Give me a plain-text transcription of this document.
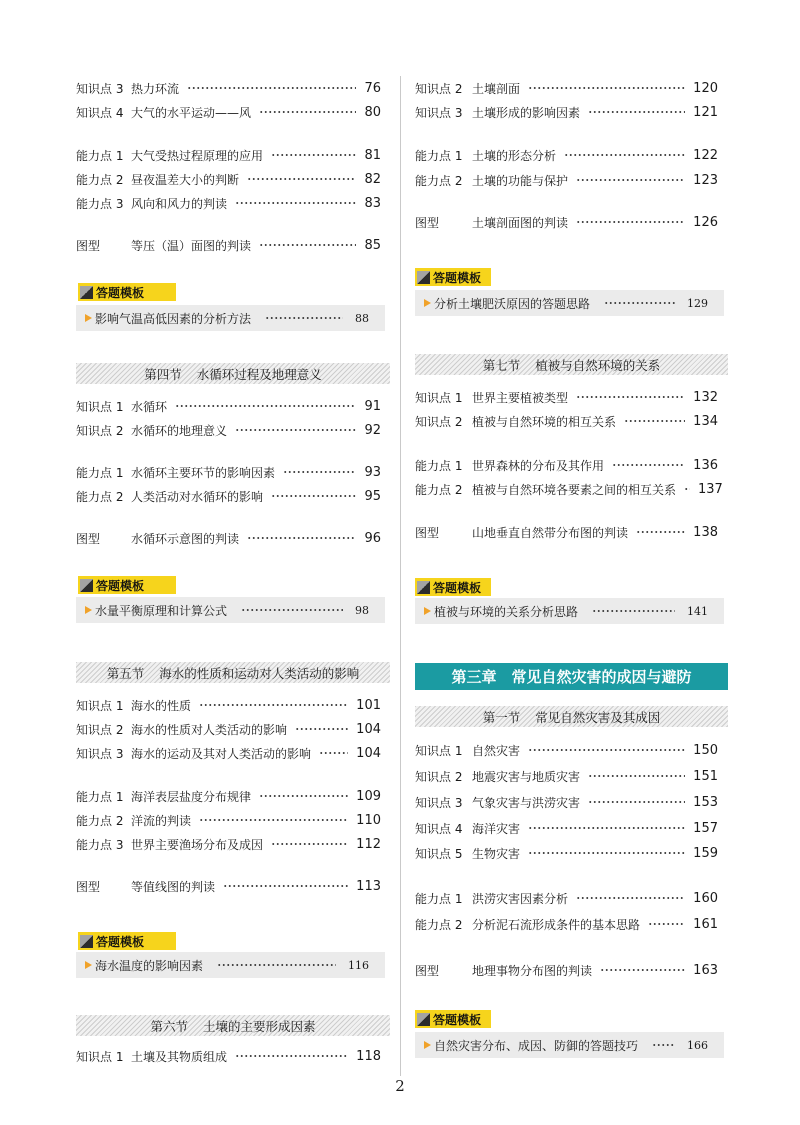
知识点 3 热力环流	76
知识点 4 大气的水平运动——风	80
能力点 1 大气受热过程原理的应用	81
能力点 2 昼夜温差大小的判断	82
能力点 3 风向和风力的判读	83
图型	等压（温）面图的判读	85
答题模板
影响气温高低因素的分析方法	88
第四节 水循环过程及地理意义
知识点 1 水循环	91
知识点 2 水循环的地理意义	92
能力点 1 水循环主要环节的影响因素	93
能力点 2 人类活动对水循环的影响	95
图型	水循环示意图的判读	96
答题模板
水量平衡原理和计算公式	98
第五节 海水的性质和运动对人类活动的影响
知识点 1 海水的性质	101
知识点 2 海水的性质对人类活动的影响	104
知识点 3 海水的运动及其对人类活动的影响	104
能力点 1 海洋表层盐度分布规律	109
能力点 2 洋流的判读	110
能力点 3 世界主要渔场分布及成因	112
图型	等值线图的判读	113
答题模板
海水温度的影响因素	116
第六节 土壤的主要形成因素
知识点 1 土壤及其物质组成	118
知识点 2 土壤剖面	120
知识点 3 土壤形成的影响因素	121
能力点 1 土壤的形态分析	122
能力点 2 土壤的功能与保护	123
图型	土壤剖面图的判读	126
答题模板
分析土壤肥沃原因的答题思路	129
第七节 植被与自然环境的关系
知识点 1 世界主要植被类型	132
知识点 2 植被与自然环境的相互关系	134
能力点 1 世界森林的分布及其作用	136
能力点 2 植被与自然环境各要素之间的相互关系 137
图型	山地垂直自然带分布图的判读	138
答题模板
植被与环境的关系分析思路	141
第三章 常见自然灾害的成因与避防
第一节 常见自然灾害及其成因
知识点 1 自然灾害	150
知识点 2 地震灾害与地质灾害	151
知识点 3 气象灾害与洪涝灾害	153
知识点 4 海洋灾害	157
知识点 5 生物灾害	159
能力点 1 洪涝灾害因素分析	160
能力点 2 分析泥石流形成条件的基本思路	161
图型	地理事物分布图的判读	163
答题模板
自然灾害分布、成因、防御的答题技巧	166
2
